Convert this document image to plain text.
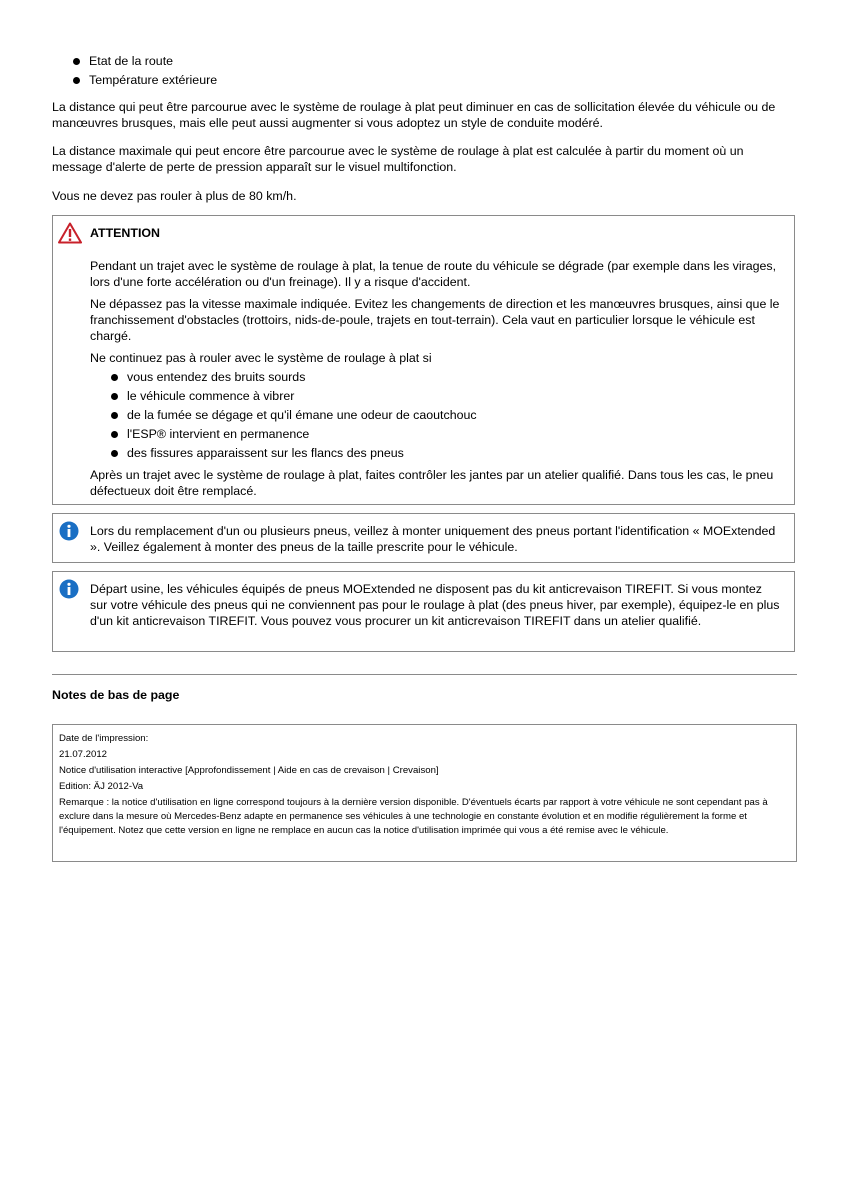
Etat de la route
Température extérieure

La distance qui peut être parcourue avec le système de roulage à plat peut diminuer en cas de sollicitation élevée du véhicule ou de manœuvres brusques, mais elle peut aussi augmenter si vous adoptez un style de conduite modéré.

La distance maximale qui peut encore être parcourue avec le système de roulage à plat est calculée à partir du moment où un message d'alerte de perte de pression apparaît sur le visuel multifonction.

Vous ne devez pas rouler à plus de 80 km/h.

ATTENTION

Pendant un trajet avec le système de roulage à plat, la tenue de route du véhicule se dégrade (par exemple dans les virages, lors d'une forte accélération ou d'un freinage). Il y a risque d'accident.

Ne dépassez pas la vitesse maximale indiquée. Evitez les changements de direction et les manœuvres brusques, ainsi que le franchissement d'obstacles (trottoirs, nids-de-poule, trajets en tout-terrain). Cela vaut en particulier lorsque le véhicule est chargé.

Ne continuez pas à rouler avec le système de roulage à plat si

vous entendez des bruits sourds
le véhicule commence à vibrer
de la fumée se dégage et qu'il émane une odeur de caoutchouc
l'ESP® intervient en permanence
des fissures apparaissent sur les flancs des pneus

Après un trajet avec le système de roulage à plat, faites contrôler les jantes par un atelier qualifié. Dans tous les cas, le pneu défectueux doit être remplacé.

Lors du remplacement d'un ou plusieurs pneus, veillez à monter uniquement des pneus portant l'identification « MOExtended ». Veillez également à monter des pneus de la taille prescrite pour le véhicule.

Départ usine, les véhicules équipés de pneus MOExtended ne disposent pas du kit anticrevaison TIREFIT. Si vous montez sur votre véhicule des pneus qui ne conviennent pas pour le roulage à plat (des pneus hiver, par exemple), équipez-le en plus d'un kit anticrevaison TIREFIT. Vous pouvez vous procurer un kit anticrevaison TIREFIT dans un atelier qualifié.

Notes de bas de page
Date de l'impression:
21.07.2012
Notice d'utilisation interactive [Approfondissement | Aide en cas de crevaison | Crevaison]
Edition: ÄJ 2012-Va
Remarque : la notice d'utilisation en ligne correspond toujours à la dernière version disponible. D'éventuels écarts par rapport à votre véhicule ne sont cependant pas à exclure dans la mesure où Mercedes-Benz adapte en permanence ses véhicules à une technologie en constante évolution et en modifie régulièrement la forme et l'équipement. Notez que cette version en ligne ne remplace en aucun cas la notice d'utilisation imprimée qui vous a été remise avec le véhicule.
